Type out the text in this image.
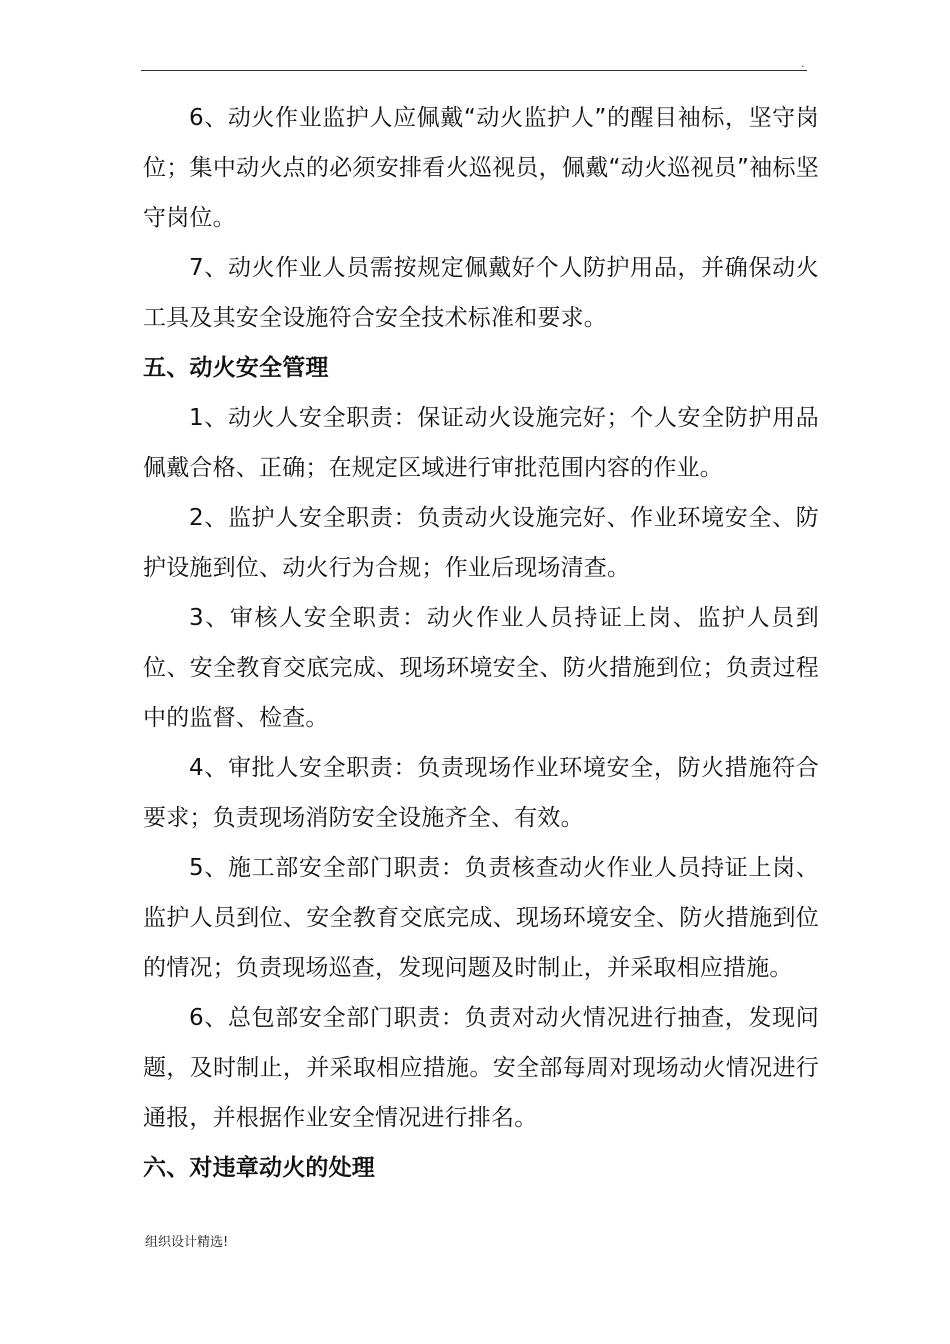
.

6、动火作业监护人应佩戴“动火监护人”的醒目袖标，坚守岗位；集中动火点的必须安排看火巡视员，佩戴“动火巡视员”袖标坚守岗位。

7、动火作业人员需按规定佩戴好个人防护用品，并确保动火工具及其安全设施符合安全技术标准和要求。

五、动火安全管理

1、动火人安全职责：保证动火设施完好；个人安全防护用品佩戴合格、正确；在规定区域进行审批范围内容的作业。

2、监护人安全职责：负责动火设施完好、作业环境安全、防护设施到位、动火行为合规；作业后现场清查。

3、审核人安全职责：动火作业人员持证上岗、监护人员到位、安全教育交底完成、现场环境安全、防火措施到位；负责过程中的监督、检查。

4、审批人安全职责：负责现场作业环境安全，防火措施符合要求；负责现场消防安全设施齐全、有效。

5、施工部安全部门职责：负责核查动火作业人员持证上岗、监护人员到位、安全教育交底完成、现场环境安全、防火措施到位的情况；负责现场巡查，发现问题及时制止，并采取相应措施。

6、总包部安全部门职责：负责对动火情况进行抽查，发现问题，及时制止，并采取相应措施。安全部每周对现场动火情况进行通报，并根据作业安全情况进行排名。

六、对违章动火的处理
组织设计精选!
